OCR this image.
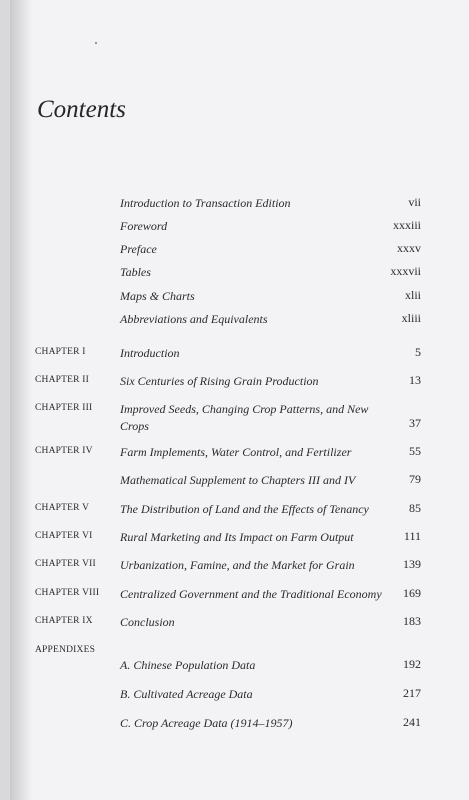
Contents
Introduction to Transaction Edition	vii
Foreword	xxxiii
Preface	xxxv
Tables	xxxvii
Maps & Charts	xlii
Abbreviations and Equivalents	xliii
CHAPTER I	Introduction	5
CHAPTER II	Six Centuries of Rising Grain Production	13
CHAPTER III Improved Seeds, Changing Crop Patterns, and New Crops	37
CHAPTER IV Farm Implements, Water Control, and Fertilizer	55
Mathematical Supplement to Chapters III and IV	79
CHAPTER V	The Distribution of Land and the Effects of Tenancy	85
CHAPTER VI Rural Marketing and Its Impact on Farm Output	111
CHAPTER VII Urbanization, Famine, and the Market for Grain	139
CHAPTER VIII Centralized Government and the Traditional Economy	169
CHAPTER IX Conclusion	183
APPENDIXES
A. Chinese Population Data	192
B. Cultivated Acreage Data	217
C. Crop Acreage Data (1914–1957)	241
